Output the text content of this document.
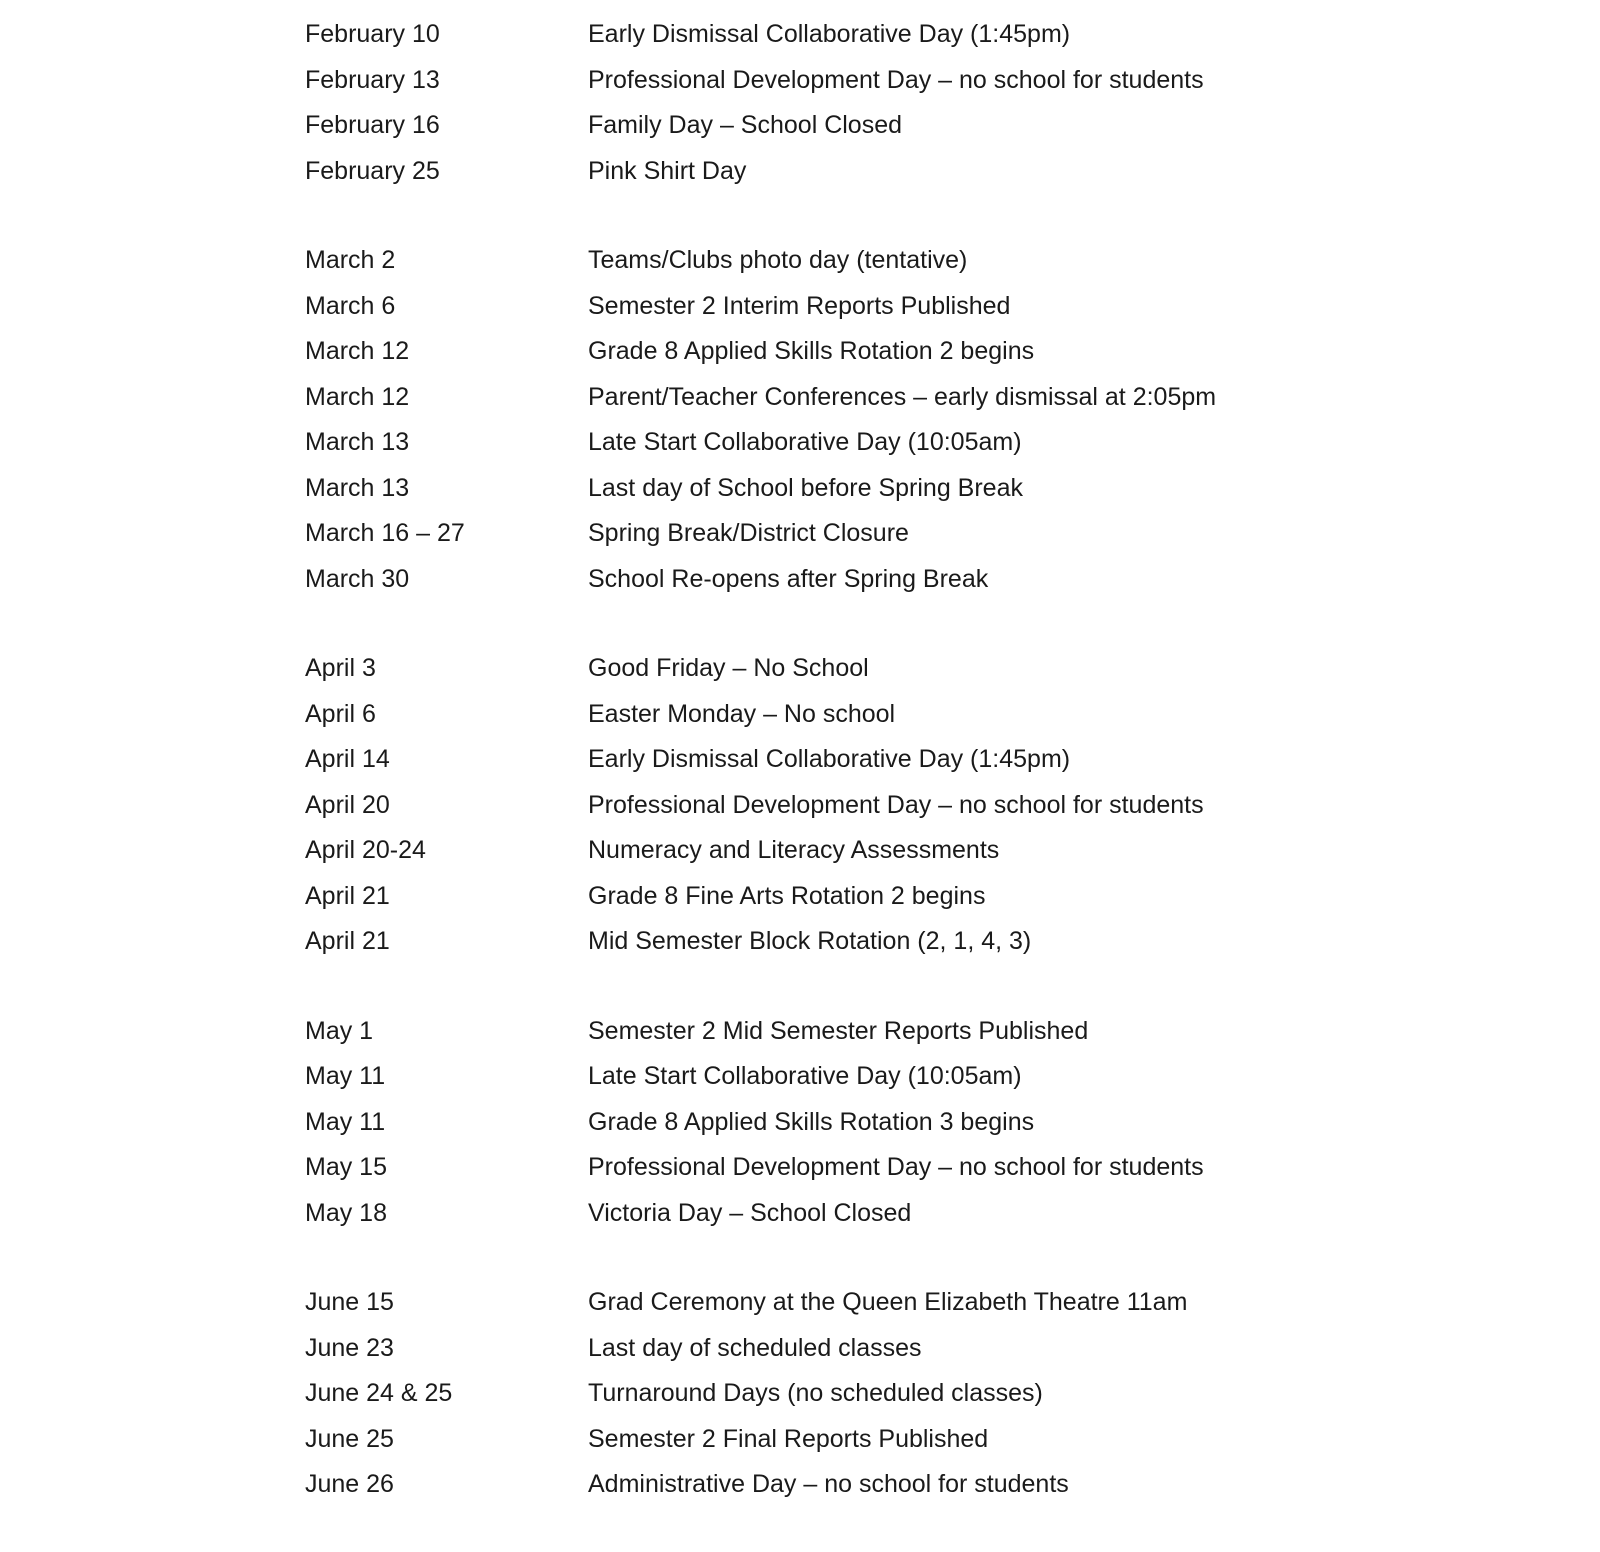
February 10	Early Dismissal Collaborative Day (1:45pm)
February 13	Professional Development Day – no school for students
February 16	Family Day – School Closed
February 25	Pink Shirt Day
March 2	Teams/Clubs photo day (tentative)
March 6	Semester 2 Interim Reports Published
March 12	Grade 8 Applied Skills Rotation 2 begins
March 12	Parent/Teacher Conferences – early dismissal at 2:05pm
March 13	Late Start Collaborative Day (10:05am)
March 13	Last day of School before Spring Break
March 16 – 27	Spring Break/District Closure
March 30	School Re-opens after Spring Break
April 3	Good Friday – No School
April 6	Easter Monday – No school
April 14	Early Dismissal Collaborative Day (1:45pm)
April 20	Professional Development Day – no school for students
April 20-24	Numeracy and Literacy Assessments
April 21	Grade 8 Fine Arts Rotation 2 begins
April 21	Mid Semester Block Rotation (2, 1, 4, 3)
May 1	Semester 2 Mid Semester Reports Published
May 11	Late Start Collaborative Day (10:05am)
May 11	Grade 8 Applied Skills Rotation 3 begins
May 15	Professional Development Day – no school for students
May 18	Victoria Day – School Closed
June 15	Grad Ceremony at the Queen Elizabeth Theatre 11am
June 23	Last day of scheduled classes
June 24 & 25	Turnaround Days (no scheduled classes)
June 25	Semester 2 Final Reports Published
June 26	Administrative Day – no school for students
